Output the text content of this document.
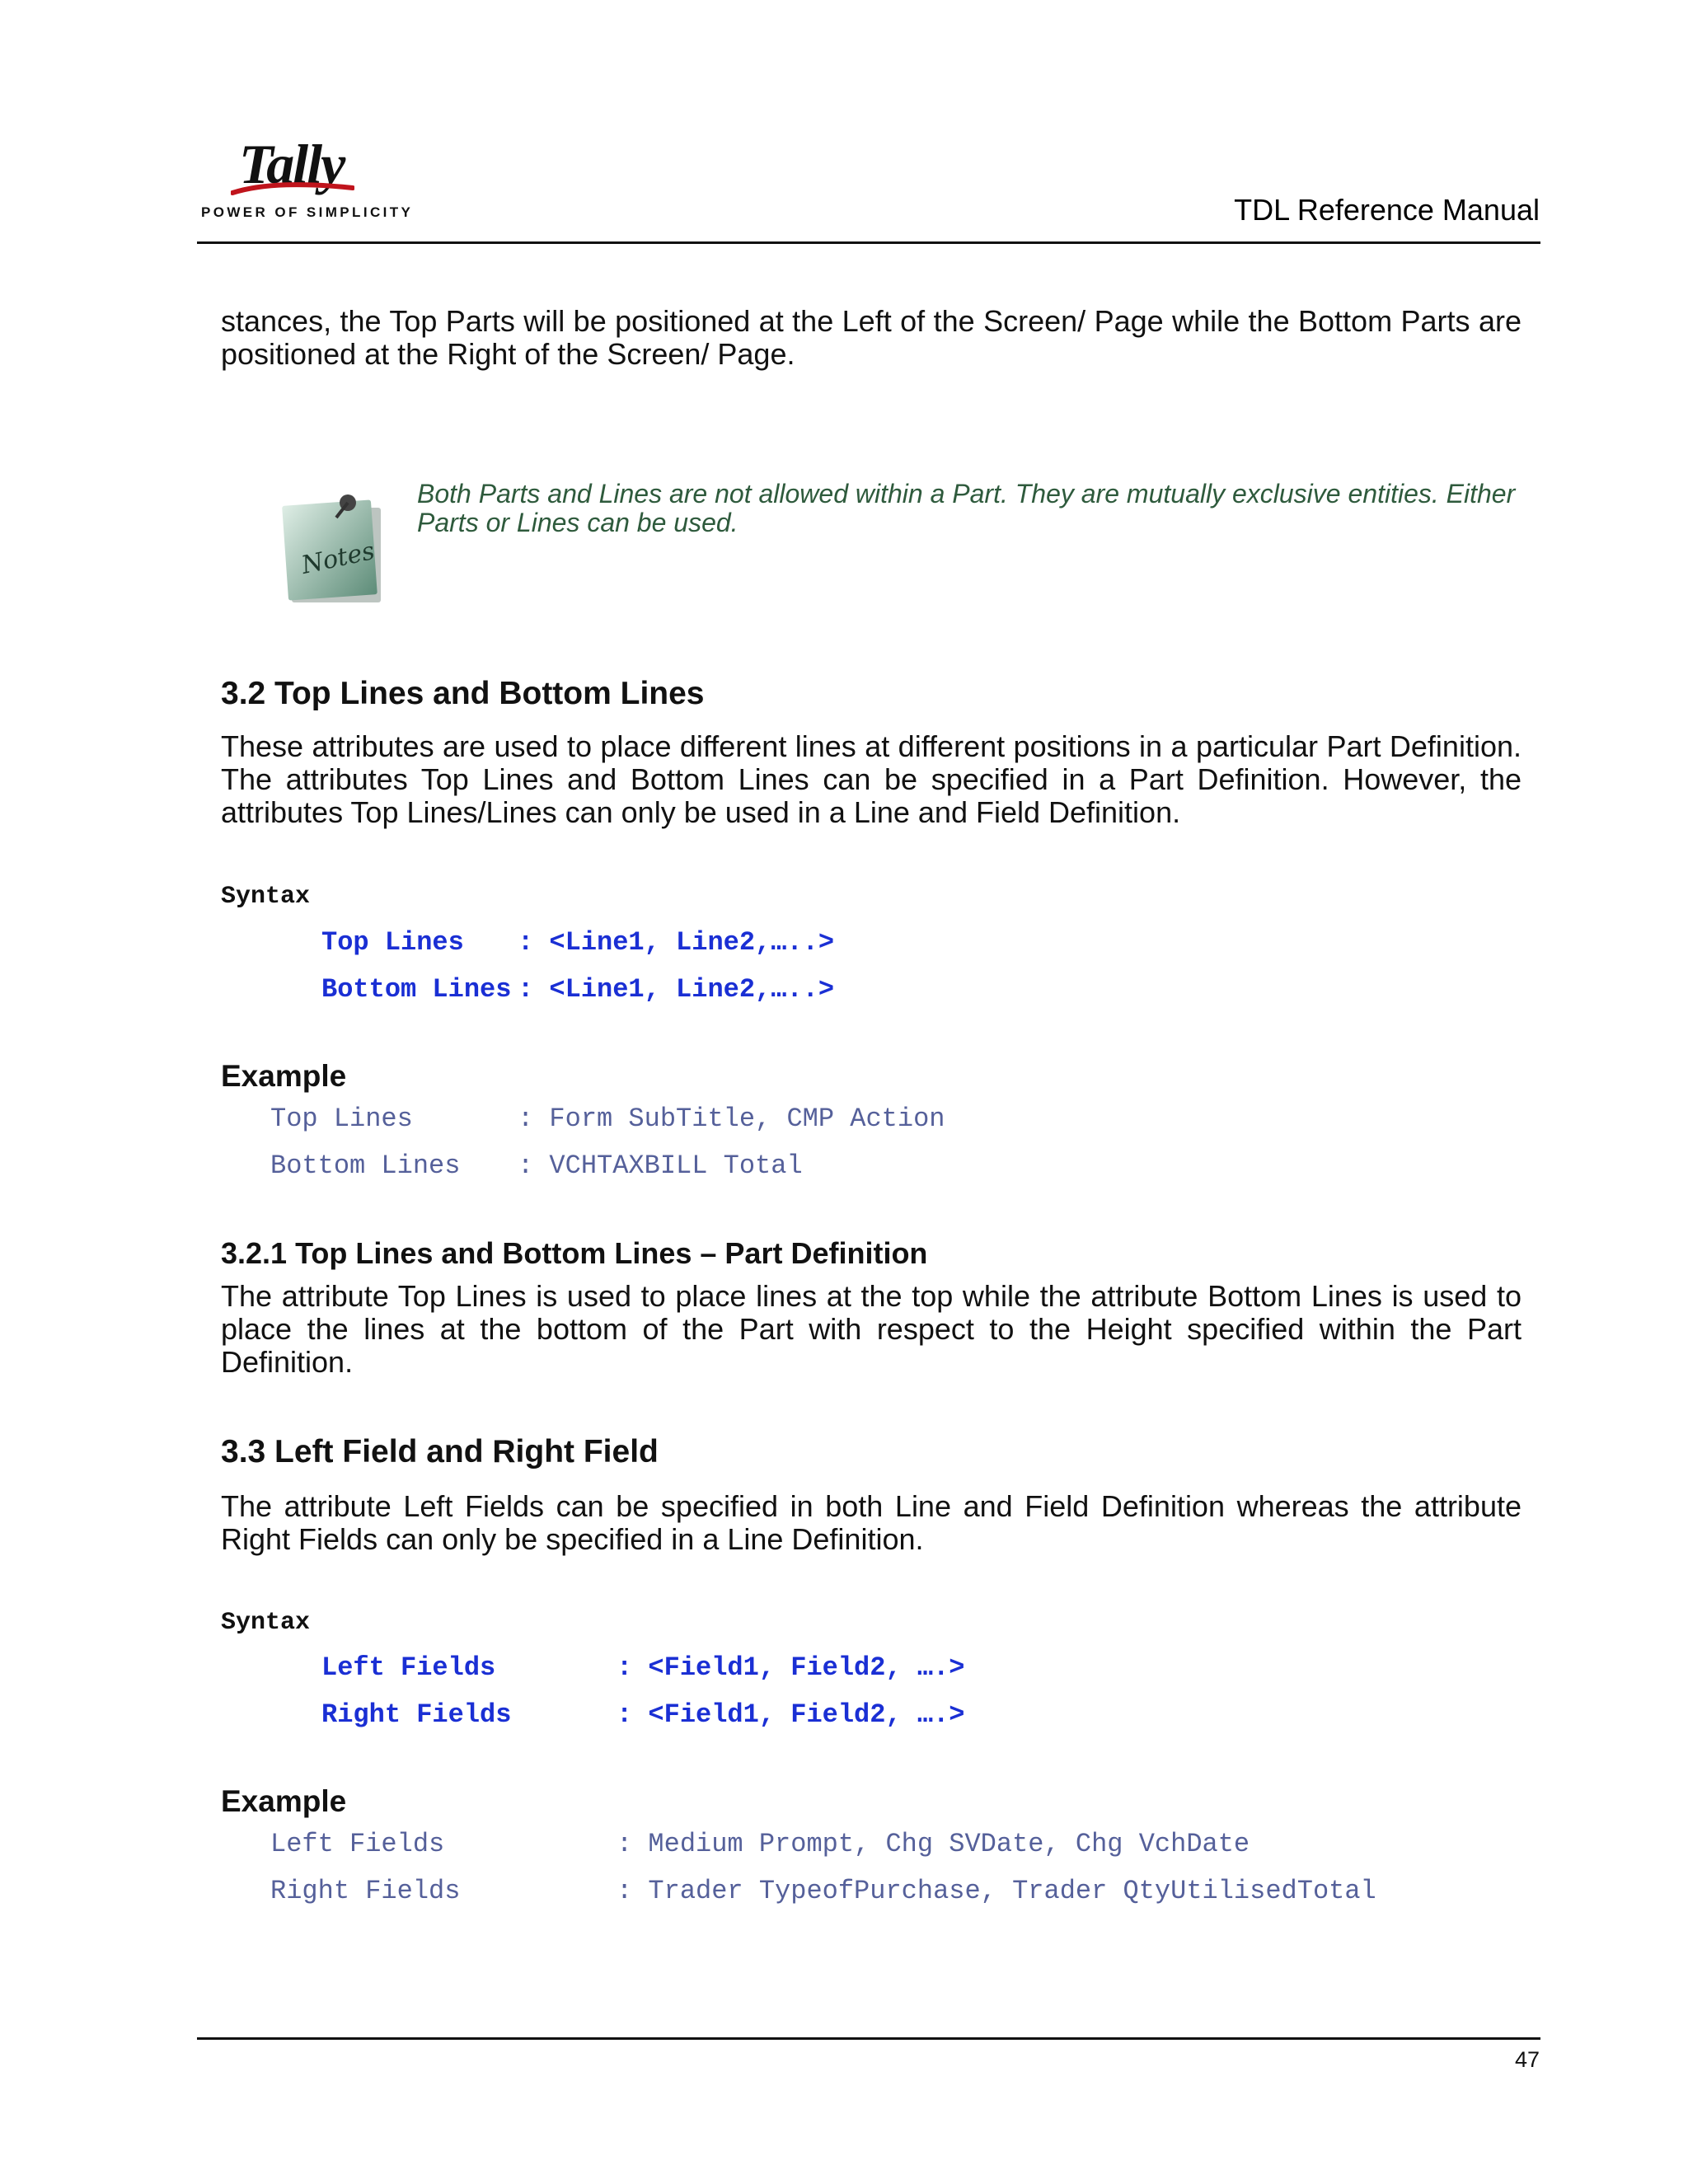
Tally
POWER OF SIMPLICITY	TDL Reference Manual
stances, the Top Parts will be positioned at the Left of the Screen/ Page while the Bottom Parts are positioned at the Right of the Screen/ Page.
Notes
Both Parts and Lines are not allowed within a Part. They are mutually exclusive entities. Either Parts or Lines can be used.
3.2 Top Lines and Bottom Lines
These attributes are used to place different lines at different positions in a particular Part Definition. The attributes Top Lines and Bottom Lines can be specified in a Part Definition. However, the attributes Top Lines/Lines can only be used in a Line and Field Definition.
Syntax
Top Lines : <Line1, Line2,…..>
Bottom Lines : <Line1, Line2,…..>
Example
Top Lines	: Form SubTitle, CMP Action
Bottom Lines : VCHTAXBILL Total
3.2.1 Top Lines and Bottom Lines – Part Definition
The attribute Top Lines is used to place lines at the top while the attribute Bottom Lines is used to place the lines at the bottom of the Part with respect to the Height specified within the Part Definition.
3.3 Left Field and Right Field
The attribute Left Fields can be specified in both Line and Field Definition whereas the attribute Right Fields can only be specified in a Line Definition.
Syntax
Left Fields	: <Field1, Field2, ….>
Right Fields	: <Field1, Field2, ….>
Example
Left Fields	: Medium Prompt, Chg SVDate, Chg VchDate
Right Fields	: Trader TypeofPurchase, Trader QtyUtilisedTotal
47
